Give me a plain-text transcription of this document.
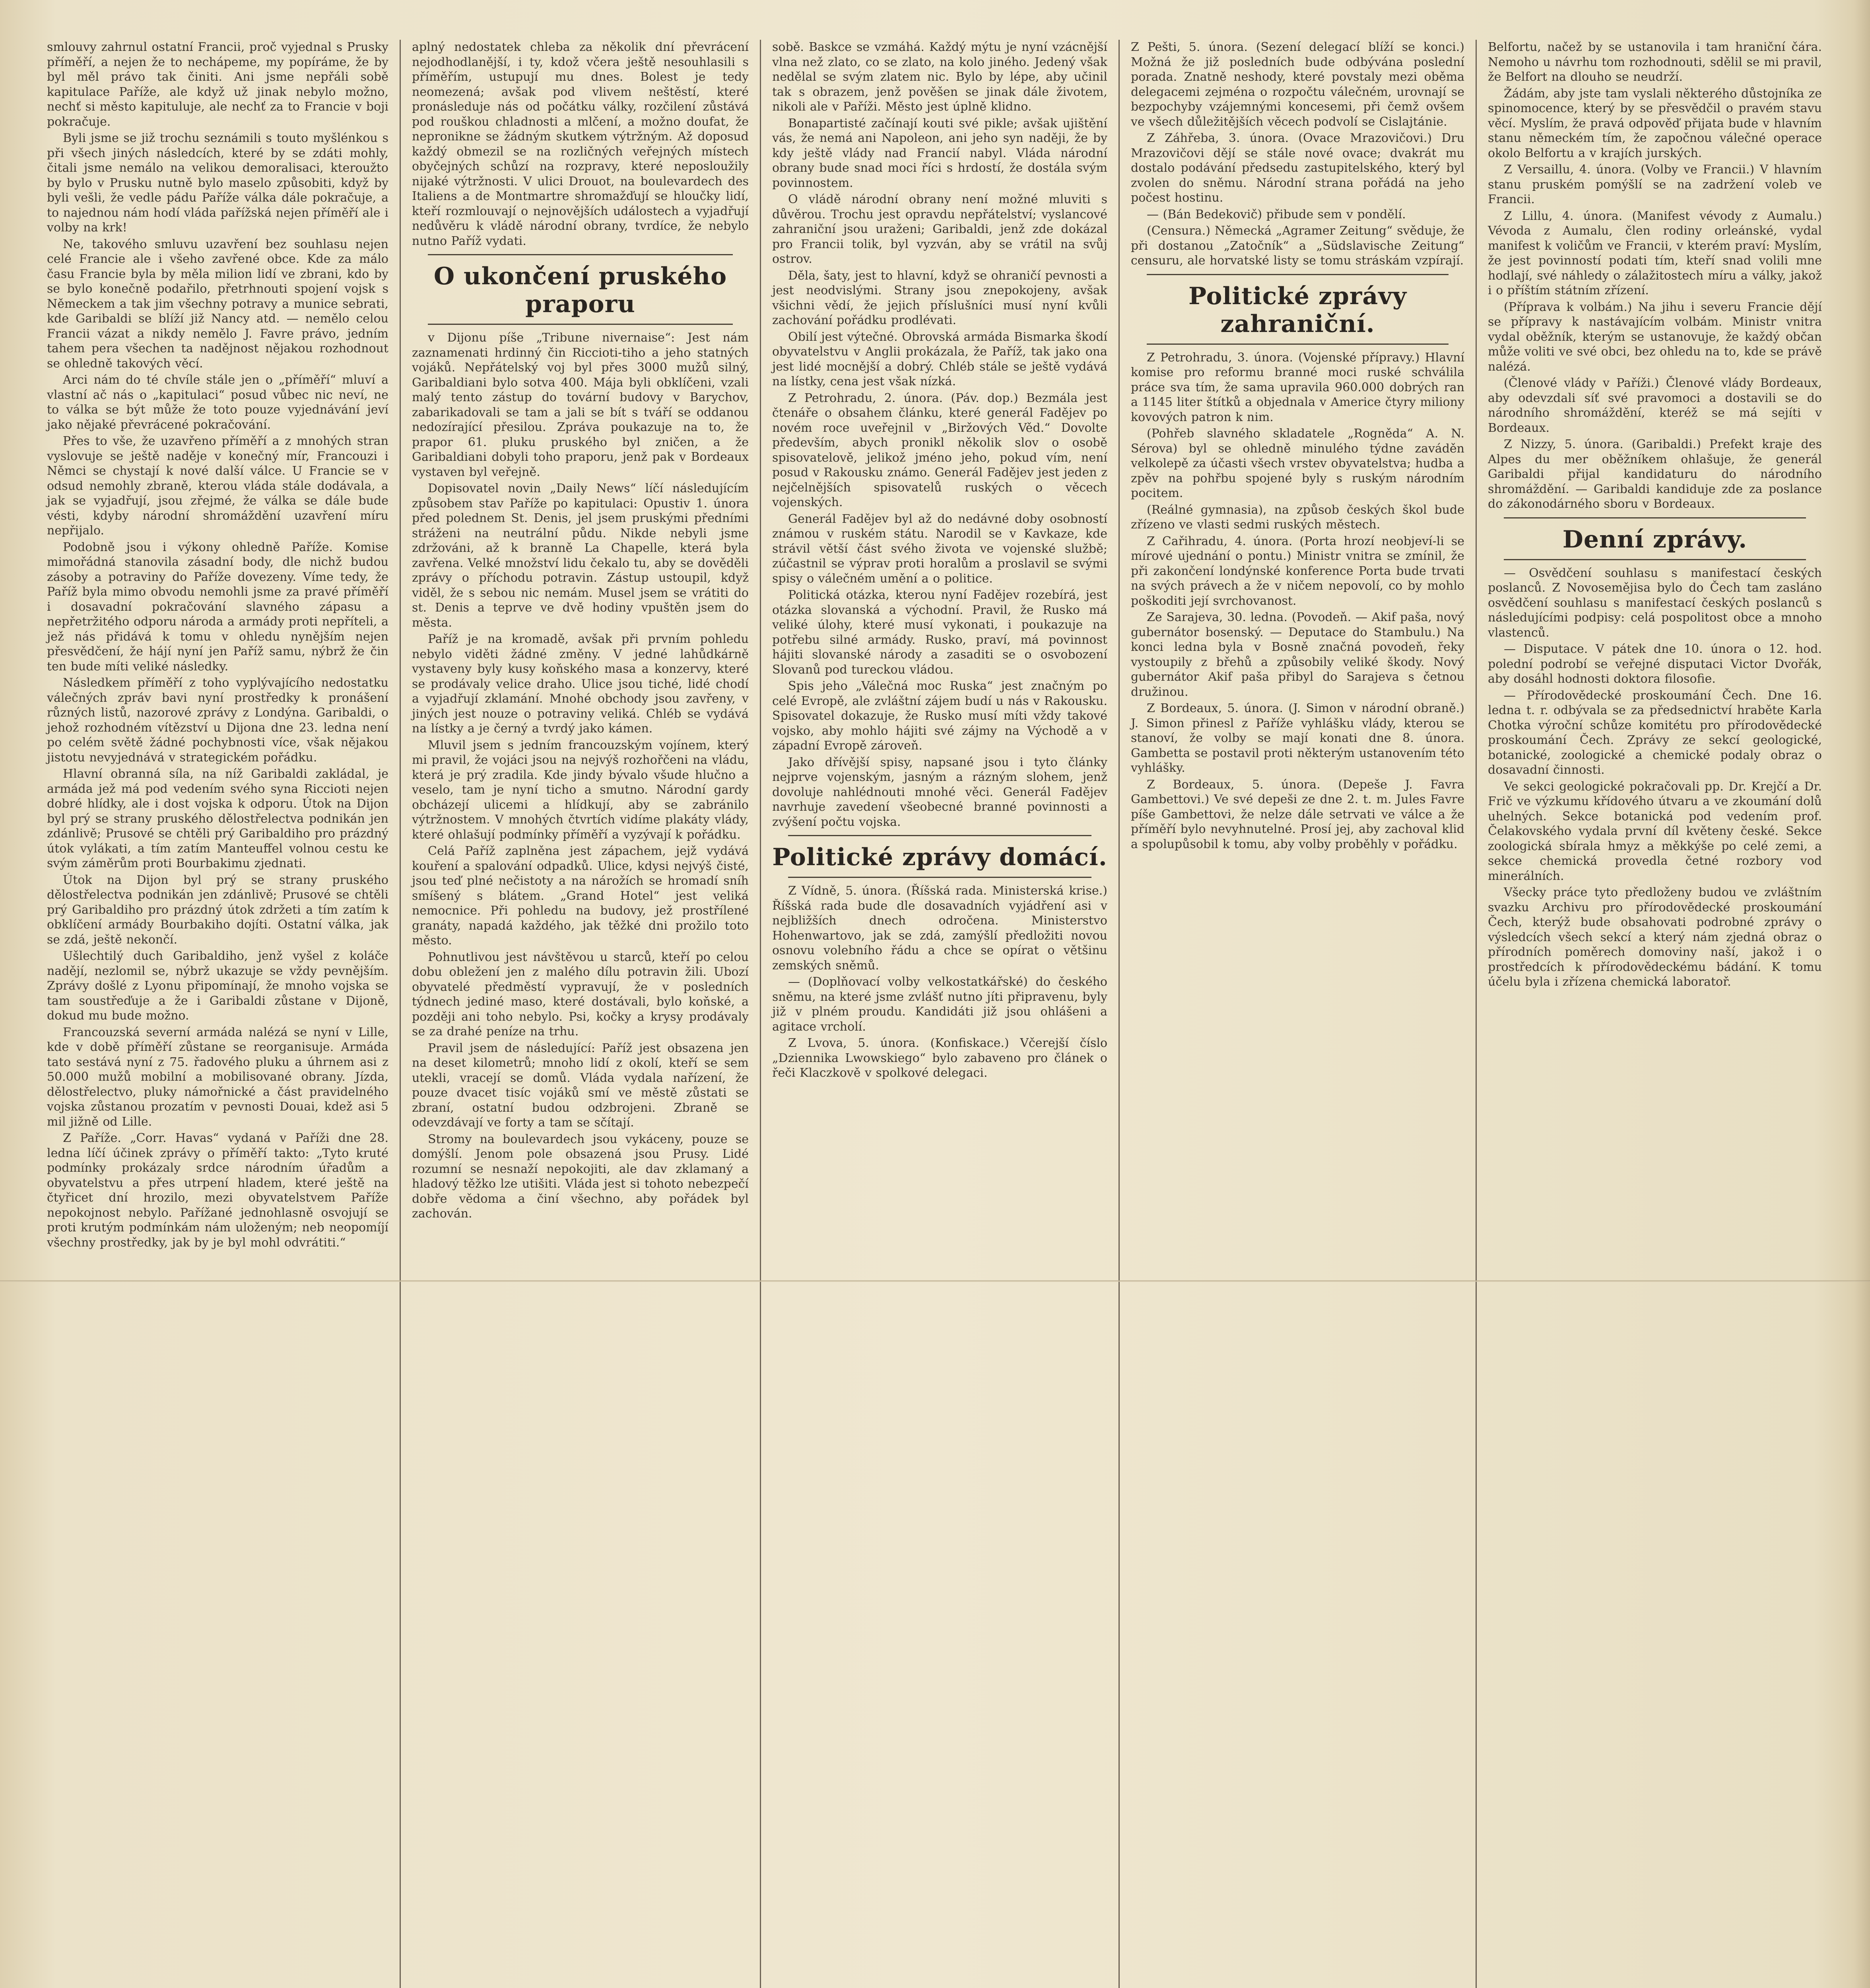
smlouvy zahrnul ostatní Francii, proč vyjednal s Prusky příměří, a nejen že to nechápeme, my popíráme, že by byl měl právo tak činiti. Ani jsme nepřáli sobě kapitulace Paříže, ale když už jinak nebylo možno, nechť si město kapituluje, ale nechť za to Francie v boji pokračuje.

Byli jsme se již trochu seznámili s touto myšlénkou s při všech jiných následcích, které by se zdáti mohly, čitali jsme nemálo na velikou demoralisaci, kteroužto by bylo v Prusku nutně bylo maselo způsobiti, když by byli vešli, že vedle pádu Paříže válka dále pokračuje, a to najednou nám hodí vláda pařížská nejen příměří ale i volby na krk!

Ne, takového smluvu uzavření bez souhlasu nejen celé Francie ale i všeho zavřené obce. Kde za málo času Francie byla by měla milion lidí ve zbrani, kdo by se bylo konečně podařilo, přetrhnouti spojení vojsk s Německem a tak jim všechny potravy a munice sebrati, kde Garibaldi se blíží již Nancy atd. — nemělo celou Francii vázat a nikdy nemělo J. Favre právo, jedním tahem pera všechen ta nadějnost nějakou rozhodnout se ohledně takových věcí.

Arci nám do té chvíle stále jen o „příměří“ mluví a vlastní ač nás o „kapitulaci“ posud vůbec nic neví, ne to válka se být může že toto pouze vyjednávání jeví jako nějaké převrácené pokračování.

Přes to vše, že uzavřeno příměří a z mnohých stran vyslovuje se ještě naděje v konečný mír, Francouzi i Němci se chystají k nové další válce. U Francie se v odsud nemohly zbraně, kterou vláda stále dodávala, a jak se vyjadřují, jsou zřejmé, že válka se dále bude vésti, kdyby národní shromáždění uzavření míru nepřijalo.

Podobně jsou i výkony ohledně Paříže. Komise mimořádná stanovila zásadní body, dle nichž budou zásoby a potraviny do Paříže dovezeny. Víme tedy, že Paříž byla mimo obvodu nemohli jsme za pravé příměří i dosavadní pokračování slavného zápasu a nepřetržitého odporu národa a armády proti nepříteli, a jež nás přidává k tomu v ohledu nynějším nejen přesvědčení, že hájí nyní jen Paříž samu, nýbrž že čin ten bude míti veliké následky.

Následkem příměří z toho vyplývajícího nedostatku válečných zpráv bavi nyní prostředky k pronášení různých listů, nazorové zprávy z Londýna. Garibaldi, o jehož rozhodném vítězství u Dijona dne 23. ledna není po celém světě žádné pochybnosti více, však nějakou jistotu nevyjednává v strategickém pořádku.

Hlavní obranná síla, na níž Garibaldi zakládal, je armáda jež má pod vedením svého syna Riccioti nejen dobré hlídky, ale i dost vojska k odporu. Útok na Dijon byl prý se strany pruského dělostřelectva podnikán jen zdánlivě; Prusové se chtěli prý Garibaldiho pro prázdný útok vylákati, a tím zatím Manteuffel volnou cestu ke svým záměrům proti Bourbakimu zjednati.

Útok na Dijon byl prý se strany pruského dělostřelectva podnikán jen zdánlivě; Prusové se chtěli prý Garibaldiho pro prázdný útok zdržeti a tím zatím k obklíčení armády Bourbakiho dojíti. Ostatní válka, jak se zdá, ještě nekončí.

Ušlechtilý duch Garibaldiho, jenž vyšel z koláče nadějí, nezlomil se, nýbrž ukazuje se vždy pevnějším. Zprávy došlé z Lyonu připomínají, že mnoho vojska se tam soustřeďuje a že i Garibaldi zůstane v Dijoně, dokud mu bude možno.

Francouzská severní armáda nalézá se nyní v Lille, kde v době příměří zůstane se reorganisuje. Armáda tato sestává nyní z 75. řadového pluku a úhrnem asi z 50.000 mužů mobilní a mobilisované obrany. Jízda, dělostřelectvo, pluky námořnické a část pravidelného vojska zůstanou prozatím v pevnosti Douai, kdež asi 5 mil jižně od Lille.

Z Paříže. „Corr. Havas“ vydaná v Paříži dne 28. ledna líčí účinek zprávy o příměří takto: „Tyto kruté podmínky prokázaly srdce národním úřadům a obyvatelstvu a přes utrpení hladem, které ještě na čtyřicet dní hrozilo, mezi obyvatelstvem Paříže nepokojnost nebylo. Pařížané jednohlasně osvojují se proti krutým podmínkám nám uloženým; neb neopomíjí všechny prostředky, jak by je byl mohl odvrátiti.“

aplný nedostatek chleba za několik dní převrácení nejodhodlanější, i ty, kdož včera ještě nesouhlasili s příměřím, ustupují mu dnes. Bolest je tedy neomezená; avšak pod vlivem neštěstí, které pronásleduje nás od počátku války, rozčilení zůstává pod rouškou chladnosti a mlčení, a možno doufat, že nepronikne se žádným skutkem výtržným. Až doposud každý obmezil se na rozličných veřejných místech obyčejných schůzí na rozpravy, které neposloužily nijaké výtržnosti. V ulici Drouot, na boulevardech des Italiens a de Montmartre shromažďují se hloučky lidí, kteří rozmlouvají o nejnovějších událostech a vyjadřují nedůvěru k vládě národní obrany, tvrdíce, že nebylo nutno Paříž vydati.

O ukončení pruského praporu

v Dijonu píše „Tribune nivernaise“: Jest nám zaznamenati hrdinný čin Riccioti-tiho a jeho statných vojáků. Nepřátelský voj byl přes 3000 mužů silný, Garibaldiani bylo sotva 400. Mája byli obklíčeni, vzali malý tento zástup do tovární budovy v Barychov, zabarikadovali se tam a jali se bít s tváří se oddanou nedozírající přesilou. Zpráva poukazuje na to, že prapor 61. pluku pruského byl zničen, a že Garibaldiani dobyli toho praporu, jenž pak v Bordeaux vystaven byl veřejně.

Dopisovatel novin „Daily News“ líčí následujícím způsobem stav Paříže po kapitulaci: Opustiv 1. února před polednem St. Denis, jel jsem pruskými předními stráženi na neutrální půdu. Nikde nebyli jsme zdržováni, až k branně La Chapelle, která byla zavřena. Velké množství lidu čekalo tu, aby se dověděli zprávy o příchodu potravin. Zástup ustoupil, když viděl, že s sebou nic nemám. Musel jsem se vrátiti do st. Denis a teprve ve dvě hodiny vpuštěn jsem do města.

Paříž je na kromadě, avšak při prvním pohledu nebylo viděti žádné změny. V jedné lahůdkárně vystaveny byly kusy koňského masa a konzervy, které se prodávaly velice draho. Ulice jsou tiché, lidé chodí a vyjadřují zklamání. Mnohé obchody jsou zavřeny, v jiných jest nouze o potraviny veliká. Chléb se vydává na lístky a je černý a tvrdý jako kámen.

Mluvil jsem s jedním francouzským vojínem, který mi pravil, že vojáci jsou na nejvýš rozhořčeni na vládu, která je prý zradila. Kde jindy bývalo všude hlučno a veselo, tam je nyní ticho a smutno. Národní gardy obcházejí ulicemi a hlídkují, aby se zabránilo výtržnostem. V mnohých čtvrtích vidíme plakáty vlády, které ohlašují podmínky příměří a vyzývají k pořádku.

Celá Paříž zaplněna jest zápachem, jejž vydává kouření a spalování odpadků. Ulice, kdysi nejvýš čisté, jsou teď plné nečistoty a na nárožích se hromadí sníh smíšený s blátem. „Grand Hotel“ jest veliká nemocnice. Při pohledu na budovy, jež prostřílené granáty, napadá každého, jak těžké dni prožilo toto město.

Pohnutlivou jest návštěvou u starců, kteří po celou dobu obležení jen z malého dílu potravin žili. Ubozí obyvatelé předměstí vypravují, že v posledních týdnech jediné maso, které dostávali, bylo koňské, a později ani toho nebylo. Psi, kočky a krysy prodávaly se za drahé peníze na trhu.

Pravil jsem de následující: Paříž jest obsazena jen na deset kilometrů; mnoho lidí z okolí, kteří se sem utekli, vracejí se domů. Vláda vydala nařízení, že pouze dvacet tisíc vojáků smí ve městě zůstati se zbraní, ostatní budou odzbrojeni. Zbraně se odevzdávají ve forty a tam se sčítají.

Stromy na boulevardech jsou vykáceny, pouze se domýšlí. Jenom pole obsazená jsou Prusy. Lidé rozumní se nesnaží nepokojiti, ale dav zklamaný a hladový těžko lze utišiti. Vláda jest si tohoto nebezpečí dobře vědoma a činí všechno, aby pořádek byl zachován.

sobě. Baskce se vzmáhá. Každý mýtu je nyní vzácnější vlna než zlato, co se zlato, na kolo jiného. Jedený však nedělal se svým zlatem nic. Bylo by lépe, aby učinil tak s obrazem, jenž pověšen se jinak dále životem, nikoli ale v Paříži. Město jest úplně klidno.

Bonapartisté začínají kouti své pikle; avšak ujištění vás, že nemá ani Napoleon, ani jeho syn naději, že by kdy ještě vlády nad Francií nabyl. Vláda národní obrany bude snad moci říci s hrdostí, že dostála svým povinnostem.

O vládě národní obrany není možné mluviti s důvěrou. Trochu jest opravdu nepřátelství; vyslancové zahraniční jsou uraženi; Garibaldi, jenž zde dokázal pro Francii tolik, byl vyzván, aby se vrátil na svůj ostrov.

Děla, šaty, jest to hlavní, když se ohraničí pevnosti a jest neodvislými. Strany jsou znepokojeny, avšak všichni vědí, že jejich příslušníci musí nyní kvůli zachování pořádku prodlévati.

Obilí jest výtečné. Obrovská armáda Bismarka škodí obyvatelstvu v Anglii prokázala, že Paříž, tak jako ona jest lidé mocnější a dobrý. Chléb stále se ještě vydává na lístky, cena jest však nízká.

Z Petrohradu, 2. února. (Páv. dop.) Bezmála jest čtenáře o obsahem článku, které generál Fadějev po novém roce uveřejnil v „Biržových Věd.“ Dovolte především, abych pronikl několik slov o osobě spisovatelově, jelikož jméno jeho, pokud vím, není posud v Rakousku známo. Generál Fadějev jest jeden z nejčelnějších spisovatelů ruských o věcech vojenských.

Generál Fadějev byl až do nedávné doby osobností známou v ruském státu. Narodil se v Kavkaze, kde strávil větší část svého života ve vojenské službě; zúčastnil se výprav proti horalům a proslavil se svými spisy o válečném umění a o politice.

Politická otázka, kterou nyní Fadějev rozebírá, jest otázka slovanská a východní. Pravil, že Rusko má veliké úlohy, které musí vykonati, i poukazuje na potřebu silné armády. Rusko, praví, má povinnost hájiti slovanské národy a zasaditi se o osvobození Slovanů pod tureckou vládou.

Spis jeho „Válečná moc Ruska“ jest značným po celé Evropě, ale zvláštní zájem budí u nás v Rakousku. Spisovatel dokazuje, že Rusko musí míti vždy takové vojsko, aby mohlo hájiti své zájmy na Východě a v západní Evropě zároveň.

Jako dřívější spisy, napsané jsou i tyto články nejprve vojenským, jasným a rázným slohem, jenž dovoluje nahlédnouti mnohé věci. Generál Fadějev navrhuje zavedení všeobecné branné povinnosti a zvýšení počtu vojska.

Politické zprávy domácí.

Z Vídně, 5. února. (Říšská rada. Ministerská krise.) Říšská rada bude dle dosavadních vyjádření asi v nejbližších dnech odročena. Ministerstvo Hohenwartovo, jak se zdá, zamýšlí předložiti novou osnovu volebního řádu a chce se opírat o většinu zemských sněmů.

— (Doplňovací volby velkostatkářské) do českého sněmu, na které jsme zvlášť nutno jíti připravenu, byly již v plném proudu. Kandidáti již jsou ohlášeni a agitace vrcholí.

Z Lvova, 5. února. (Konfiskace.) Včerejší číslo „Dziennika Lwowskiego“ bylo zabaveno pro článek o řeči Klaczkově v spolkové delegaci.

Z Pešti, 5. února. (Sezení delegací blíží se konci.) Možná že již posledních bude odbývána poslední porada. Znatně neshody, které povstaly mezi oběma delegacemi zejména o rozpočtu válečném, urovnají se bezpochyby vzájemnými koncesemi, při čemž ovšem ve všech důležitějších věcech podvolí se Cislajtánie.

Z Záhřeba, 3. února. (Ovace Mrazovičovi.) Dru Mrazovičovi dějí se stále nové ovace; dvakrát mu dostalo podávání předsedu zastupitelského, který byl zvolen do sněmu. Národní strana pořádá na jeho počest hostinu.

— (Bán Bedekovič) přibude sem v pondělí.

(Censura.) Německá „Agramer Zeitung“ svěduje, že při dostanou „Zatočník“ a „Südslavische Zeitung“ censuru, ale horvatské listy se tomu stráskám vzpírají.

Politické zprávy zahraniční.

Z Petrohradu, 3. února. (Vojenské přípravy.) Hlavní komise pro reformu branné moci ruské schválila práce sva tím, že sama upravila 960.000 dobrých ran a 1145 liter štítků a objednala v Americe čtyry miliony kovových patron k nim.

(Pohřeb slavného skladatele „Rogněda“ A. N. Sérova) byl se ohledně minulého týdne zaváděn velkolepě za účasti všech vrstev obyvatelstva; hudba a zpěv na pohřbu spojené byly s ruským národním pocitem.

(Reálné gymnasia), na způsob českých škol bude zřízeno ve vlasti sedmi ruských městech.

Z Cařihradu, 4. února. (Porta hrozí neobjeví-li se mírové ujednání o pontu.) Ministr vnitra se zmínil, že při zakončení londýnské konference Porta bude trvati na svých právech a že v ničem nepovolí, co by mohlo poškoditi její svrchovanost.

Ze Sarajeva, 30. ledna. (Povodeň. — Akif paša, nový gubernátor bosenský. — Deputace do Stambulu.) Na konci ledna byla v Bosně značná povodeň, řeky vystoupily z břehů a způsobily veliké škody. Nový gubernátor Akif paša přibyl do Sarajeva s četnou družinou.

Z Bordeaux, 5. února. (J. Simon v národní obraně.) J. Simon přinesl z Paříže vyhlášku vlády, kterou se stanoví, že volby se mají konati dne 8. února. Gambetta se postavil proti některým ustanovením této vyhlášky.

Z Bordeaux, 5. února. (Depeše J. Favra Gambettovi.) Ve své depeši ze dne 2. t. m. Jules Favre píše Gambettovi, že nelze dále setrvati ve válce a že příměří bylo nevyhnutelné. Prosí jej, aby zachoval klid a spolupůsobil k tomu, aby volby proběhly v pořádku.

Belfortu, načež by se ustanovila i tam hraniční čára. Nemoho u návrhu tom rozhodnouti, sdělil se mi pravil, že Belfort na dlouho se neudrží.

Žádám, aby jste tam vyslali některého důstojníka ze spinomocence, který by se přesvědčil o pravém stavu věcí. Myslím, že pravá odpověď přijata bude v hlavním stanu německém tím, že započnou válečné operace okolo Belfortu a v krajích jurských.

Z Versaillu, 4. února. (Volby ve Francii.) V hlavním stanu pruském pomýšlí se na zadržení voleb ve Francii.

Z Lillu, 4. února. (Manifest vévody z Aumalu.) Vévoda z Aumalu, člen rodiny orleánské, vydal manifest k voličům ve Francii, v kterém praví: Myslím, že jest povinností podati tím, kteří snad volili mne hodlají, své náhledy o zálažitostech míru a války, jakož i o příštím státním zřízení.

(Příprava k volbám.) Na jihu i severu Francie dějí se přípravy k nastávajícím volbám. Ministr vnitra vydal oběžník, kterým se ustanovuje, že každý občan může voliti ve své obci, bez ohledu na to, kde se právě nalézá.

(Členové vlády v Paříži.) Členové vlády Bordeaux, aby odevzdali síť své pravomoci a dostavili se do národního shromáždění, kteréž se má sejíti v Bordeaux.

Z Nizzy, 5. února. (Garibaldi.) Prefekt kraje des Alpes du mer oběžníkem ohlašuje, že generál Garibaldi přijal kandidaturu do národního shromáždění. — Garibaldi kandiduje zde za poslance do zákonodárného sboru v Bordeaux.

Denní zprávy.

— Osvědčení souhlasu s manifestací českých poslanců. Z Novosemějisa bylo do Čech tam zasláno osvědčení souhlasu s manifestací českých poslanců s následujícími podpisy: celá pospolitost obce a mnoho vlastenců.

— Disputace. V pátek dne 10. února o 12. hod. polední podrobí se veřejné disputaci Victor Dvořák, aby dosáhl hodnosti doktora filosofie.

— Přírodovědecké proskoumání Čech. Dne 16. ledna t. r. odbývala se za předsednictví hraběte Karla Chotka výroční schůze komitétu pro přírodovědecké proskoumání Čech. Zprávy ze sekcí geologické, botanické, zoologické a chemické podaly obraz o dosavadní činnosti.

Ve sekci geologické pokračovali pp. Dr. Krejčí a Dr. Frič ve výzkumu křídového útvaru a ve zkoumání dolů uhelných. Sekce botanická pod vedením prof. Čelakovského vydala první díl květeny české. Sekce zoologická sbírala hmyz a měkkýše po celé zemi, a sekce chemická provedla četné rozbory vod minerálních.

Všecky práce tyto předloženy budou ve zvláštním svazku Archivu pro přírodovědecké proskoumání Čech, kterýž bude obsahovati podrobné zprávy o výsledcích všech sekcí a který nám zjedná obraz o přírodních poměrech domoviny naší, jakož i o prostředcích k přírodovědeckému bádání. K tomu účelu byla i zřízena chemická laboratoř.
